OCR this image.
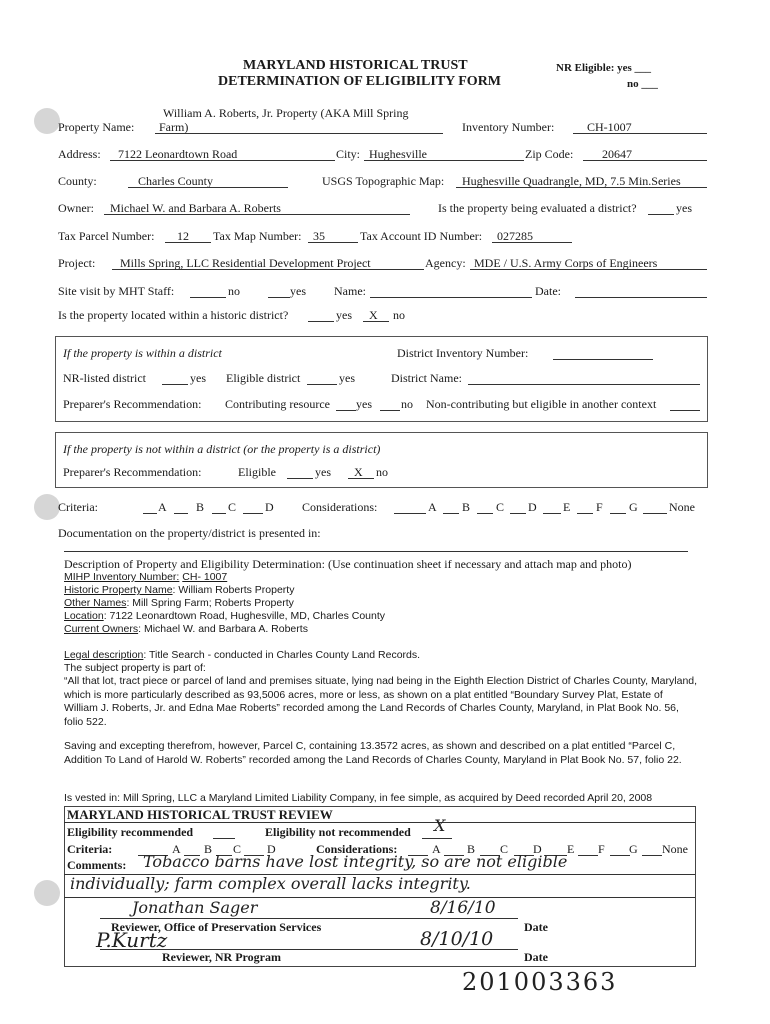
MARYLAND HISTORICAL TRUST
DETERMINATION OF ELIGIBILITY FORM
NR Eligible: yes ___
no ___
William A. Roberts, Jr. Property (AKA Mill Spring
Property Name: Farm)	Inventory Number:	CH-1007
Address: 7122 Leonardtown Road	City: Hughesville	Zip Code: 20647
County:	Charles County	USGS Topographic Map: Hughesville Quadrangle, MD, 7.5 Min.Series
Owner: Michael W. and Barbara A. Roberts	Is the property being evaluated a district?	yes
Tax Parcel Number: 12 Tax Map Number: 35	Tax Account ID Number: 027285
Project: Mills Spring, LLC Residential Development Project	Agency: MDE / U.S. Army Corps of Engineers
Site visit by MHT Staff:	no	yes Name:	Date:
Is the property located within a historic district?	yes X no
If the property is within a district	District Inventory Number:
NR-listed district	yes Eligible district	yes	District Name:
Preparer's Recommendation: Contributing resource yes no Non-contributing but eligible in another context
If the property is not within a district (or the property is a district)
Preparer's Recommendation:	Eligible	yes X no
Criteria:	A B C D Considerations:	A B C D E F G	None
Documentation on the property/district is presented in:
Description of Property and Eligibility Determination: (Use continuation sheet if necessary and attach map and photo)
MIHP Inventory Number: CH- 1007
Historic Property Name: William Roberts Property
Other Names: Mill Spring Farm; Roberts Property
Location: 7122 Leonardtown Road, Hughesville, MD, Charles County
Current Owners: Michael W. and Barbara A. Roberts
Legal description: Title Search - conducted in Charles County Land Records.
The subject property is part of:
“All that lot, tract piece or parcel of land and premises situate, lying nad being in the Eighth Election District of Charles County, Maryland, which is more particularly described as 93,5006 acres, more or less, as shown on a plat entitled “Boundary Survey Plat, Estate of William J. Roberts, Jr. and Edna Mae Roberts” recorded among the Land Records of Charles County, Maryland, in Plat Book No. 56, folio 522.
Saving and excepting therefrom, however, Parcel C, containing 13.3572 acres, as shown and described on a plat entitled “Parcel C, Addition To Land of Harold W. Roberts” recorded among the Land Records of Charles County, Maryland in Plat Book No. 57, folio 22.
Is vested in: Mill Spring, LLC a Maryland Limited Liability Company, in fee simple, as acquired by Deed recorded April 20, 2008
MARYLAND HISTORICAL TRUST REVIEW
Eligibility recommended	Eligibility not recommended X
Criteria:	A B C D	Considerations:	A B C D E F G None
Comments: Tobacco barns have lost integrity, so are not eligible
individually; farm complex overall lacks integrity.
Jonathan Sager	8/16/10
Reviewer, Office of Preservation Services	Date
P.Kurtz	8/10/10
Reviewer, NR Program	Date
201003363
